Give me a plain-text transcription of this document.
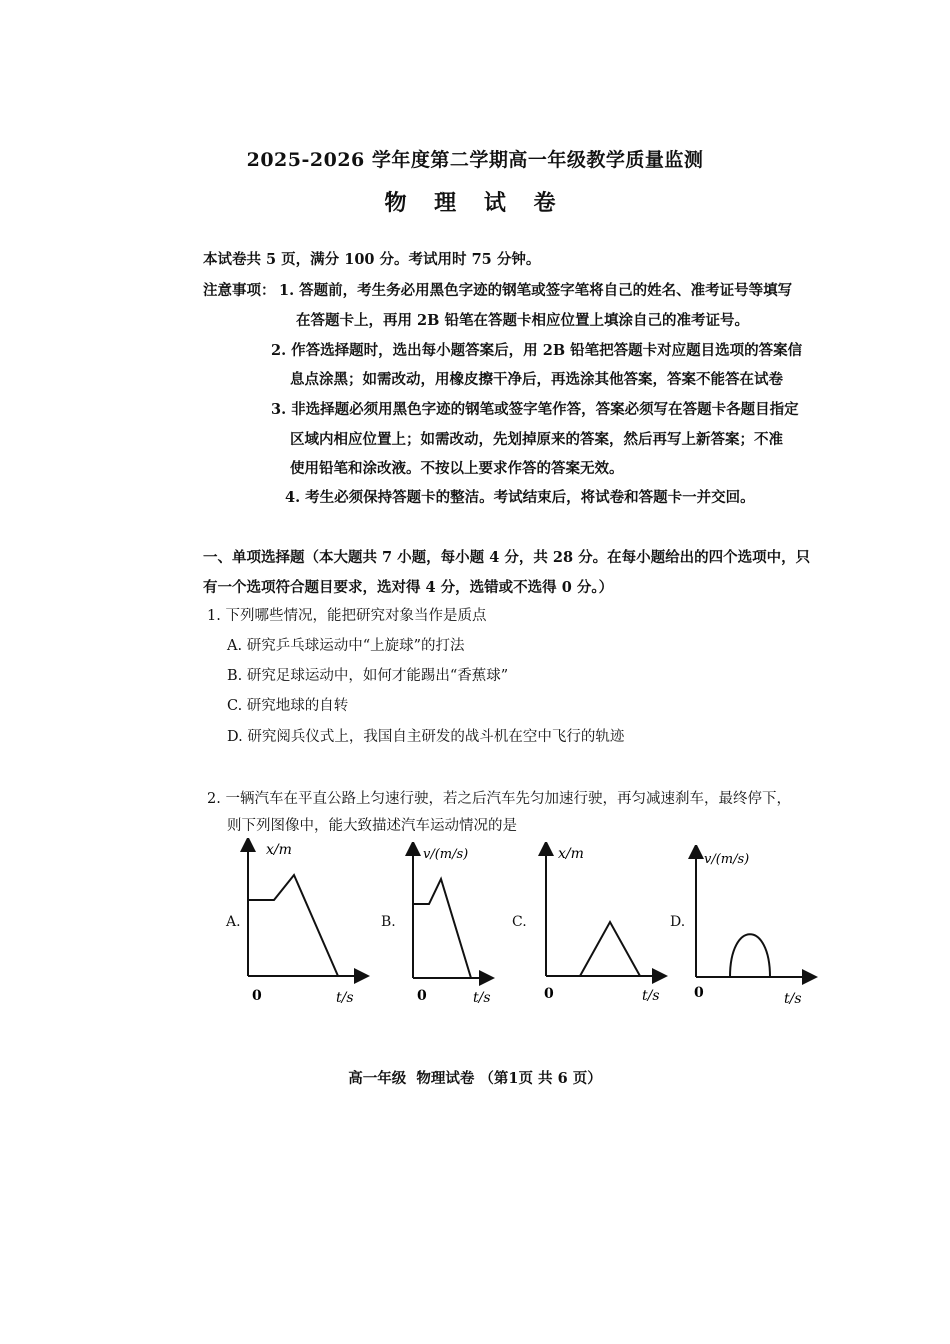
2025-2026 学年度第二学期高一年级教学质量监测
物 理 试 卷
本试卷共 5 页，满分 100 分。考试用时 75 分钟。
注意事项： 1. 答题前，考生务必用黑色字迹的钢笔或签字笔将自己的姓名、准考证号等填写
在答题卡上，再用 2B 铅笔在答题卡相应位置上填涂自己的准考证号。
2. 作答选择题时，选出每小题答案后，用 2B 铅笔把答题卡对应题目选项的答案信
息点涂黑；如需改动，用橡皮擦干净后，再选涂其他答案，答案不能答在试卷
3. 非选择题必须用黑色字迹的钢笔或签字笔作答，答案必须写在答题卡各题目指定
区域内相应位置上；如需改动，先划掉原来的答案，然后再写上新答案；不准
使用铅笔和涂改液。不按以上要求作答的答案无效。
4. 考生必须保持答题卡的整洁。考试结束后，将试卷和答题卡一并交回。
一、单项选择题（本大题共 7 小题，每小题 4 分，共 28 分。在每小题给出的四个选项中，只
有一个选项符合题目要求，选对得 4 分，选错或不选得 0 分。）
1. 下列哪些情况，能把研究对象当作是质点
A. 研究乒乓球运动中“上旋球”的打法
B. 研究足球运动中，如何才能踢出“香蕉球”
C. 研究地球的自转
D. 研究阅兵仪式上，我国自主研发的战斗机在空中飞行的轨迹
2. 一辆汽车在平直公路上匀速行驶，若之后汽车先匀加速行驶，再匀减速刹车，最终停下，
则下列图像中，能大致描述汽车运动情况的是
A.
x/m
0	t/s
B.
v/(m/s)
0	t/s
C.
x/m
0	t/s
D.
v/(m/s)
0	t/s
高一年级  物理试卷 （第1页 共 6 页）
